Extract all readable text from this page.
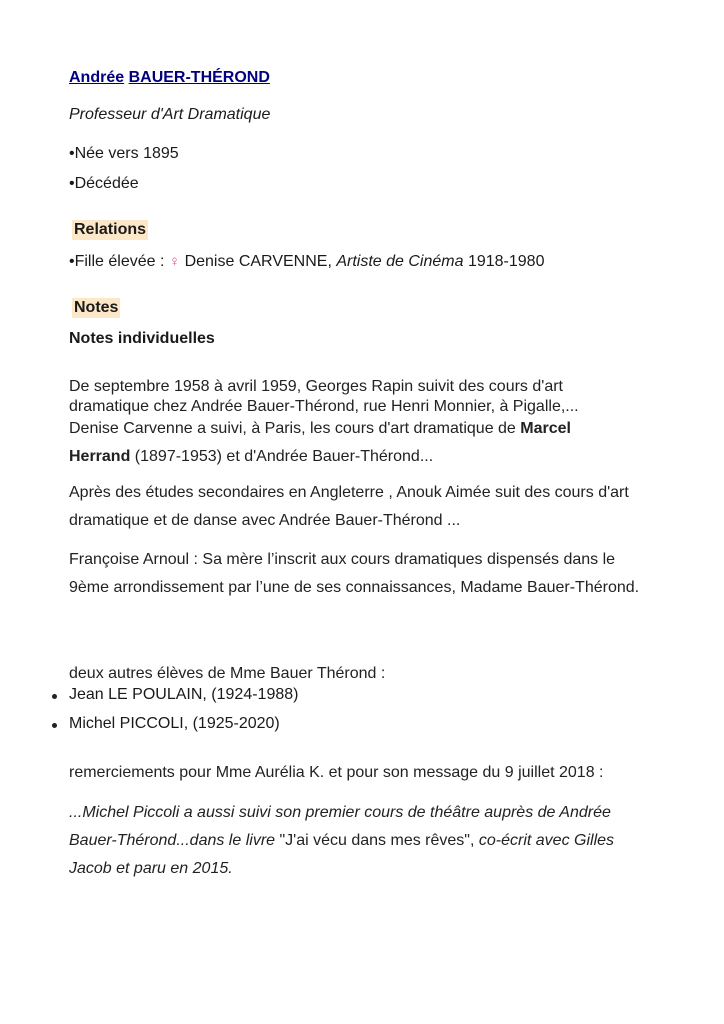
Andrée BAUER-THÉROND
Professeur d'Art Dramatique
•Née vers 1895
•Décédée
Relations
•Fille élevée : ♀ Denise CARVENNE, Artiste de Cinéma 1918-1980
Notes
Notes individuelles
De septembre 1958 à avril 1959, Georges Rapin suivit des cours d'art
dramatique chez Andrée Bauer-Thérond, rue Henri Monnier, à Pigalle,...
Denise Carvenne a suivi, à Paris, les cours d'art dramatique de Marcel
Herrand (1897-1953) et d'Andrée Bauer-Thérond...
Après des études secondaires en Angleterre , Anouk Aimée suit des cours d'art dramatique et de danse avec Andrée Bauer-Thérond ...
Françoise Arnoul : Sa mère l’inscrit aux cours dramatiques dispensés dans le 9ème arrondissement par l’une de ses connaissances, Madame Bauer-Thérond.
deux autres élèves de Mme Bauer Thérond :
Jean LE POULAIN, (1924-1988)
Michel PICCOLI, (1925-2020)
remerciements pour Mme Aurélia K. et pour son message du 9 juillet 2018 :
...Michel Piccoli a aussi suivi son premier cours de théâtre auprès de Andrée Bauer-Thérond...dans le livre "J'ai vécu dans mes rêves", co-écrit avec Gilles Jacob et paru en 2015.
